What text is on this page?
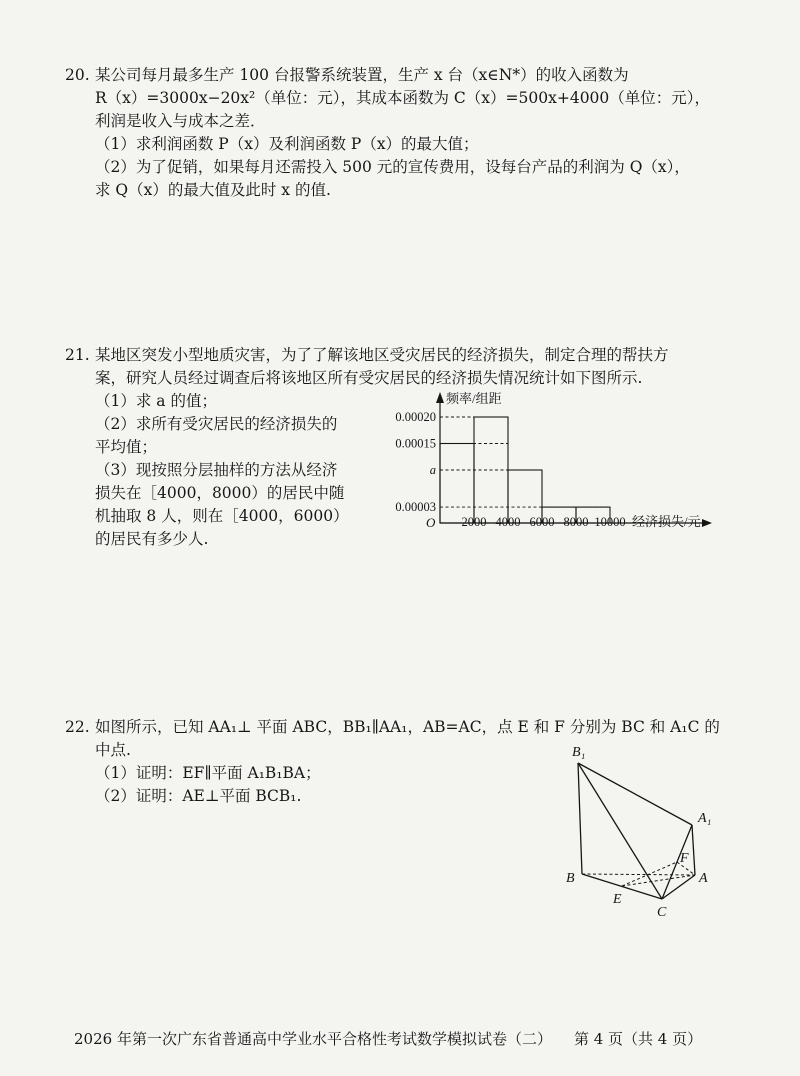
20. 某公司每月最多生产 100 台报警系统装置，生产 x 台（x∈N*）的收入函数为
R（x）=3000x−20x²（单位：元），其成本函数为 C（x）=500x+4000（单位：元），
利润是收入与成本之差．
（1）求利润函数 P（x）及利润函数 P（x）的最大值；
（2）为了促销，如果每月还需投入 500 元的宣传费用，设每台产品的利润为 Q（x），
求 Q（x）的最大值及此时 x 的值.
21. 某地区突发小型地质灾害，为了了解该地区受灾居民的经济损失，制定合理的帮扶方
案，研究人员经过调查后将该地区所有受灾居民的经济损失情况统计如下图所示.
（1）求 a 的值；
（2）求所有受灾居民的经济损失的
平均值；
（3）现按照分层抽样的方法从经济
损失在［4000，8000）的居民中随
机抽取 8 人，则在［4000，6000）
的居民有多少人.
频率/组距
经济损失/元
O
0.00020
0.00015
a
0.00003
2000 4000 6000 8000 10000
22. 如图所示，已知 AA₁⊥ 平面 ABC，BB₁∥AA₁，AB=AC，点 E 和 F 分别为 BC 和 A₁C 的
中点.
（1）证明：EF∥平面 A₁B₁BA；
（2）证明：AE⊥平面 BCB₁.
B₁
A₁
F
B	A
E
C
2026 年第一次广东省普通高中学业水平合格性考试数学模拟试卷（二） 第 4 页（共 4 页）
